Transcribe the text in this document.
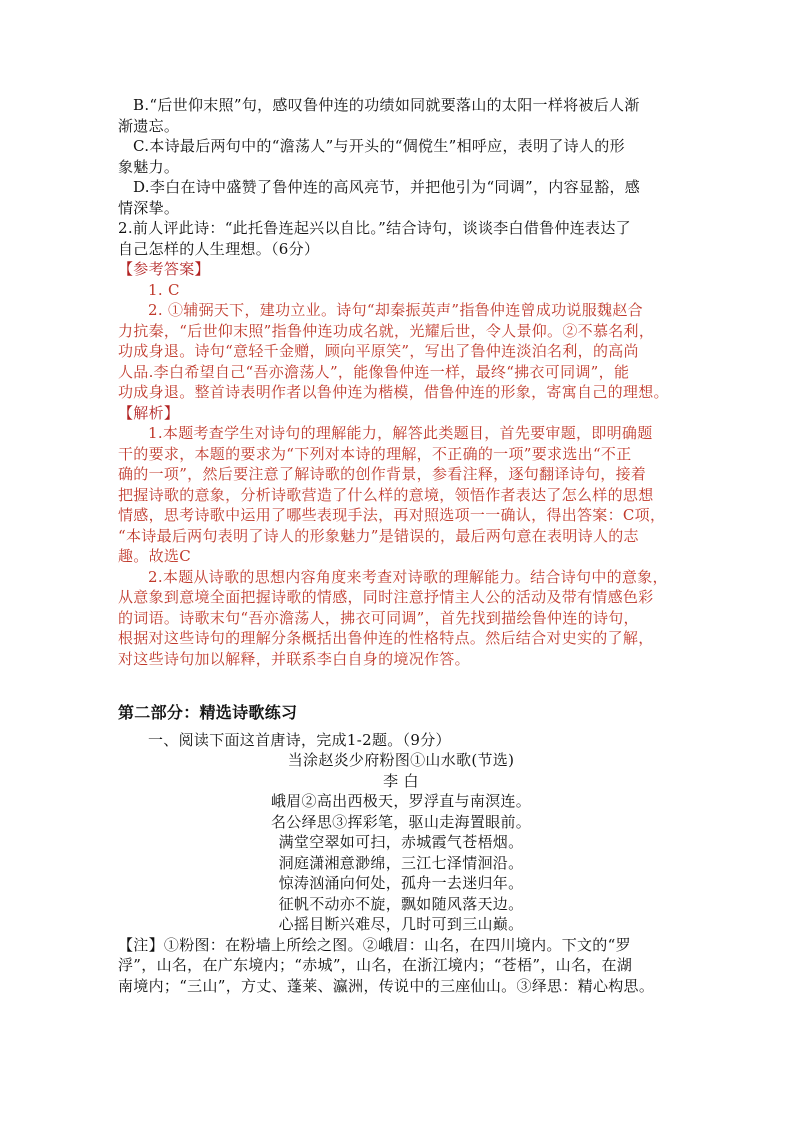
B.“后世仰末照”句，感叹鲁仲连的功绩如同就要落山的太阳一样将被后人渐

渐遗忘。

C.本诗最后两句中的“澹荡人”与开头的“倜傥生”相呼应，表明了诗人的形

象魅力。

D.李白在诗中盛赞了鲁仲连的高风亮节，并把他引为“同调”，内容显豁，感

情深挚。

2.前人评此诗：“此托鲁连起兴以自比。”结合诗句，谈谈李白借鲁仲连表达了

自己怎样的人生理想。（6分）

【参考答案】

1. C

2. ①辅弼天下，建功立业。诗句“却秦振英声”指鲁仲连曾成功说服魏赵合

力抗秦，“后世仰末照”指鲁仲连功成名就，光耀后世，令人景仰。②不慕名利，

功成身退。诗句“意轻千金赠，顾向平原笑”，写出了鲁仲连淡泊名利，的高尚

人品.李白希望自己“吾亦澹荡人”，能像鲁仲连一样，最终“拂衣可同调”，能

功成身退。整首诗表明作者以鲁仲连为楷模，借鲁仲连的形象，寄寓自己的理想。

【解析】

1.本题考查学生对诗句的理解能力，解答此类题目，首先要审题，即明确题

干的要求，本题的要求为“下列对本诗的理解，不正确的一项”要求选出“不正

确的一项”，然后要注意了解诗歌的创作背景，参看注释，逐句翻译诗句，接着

把握诗歌的意象，分析诗歌营造了什么样的意境，领悟作者表达了怎么样的思想

情感，思考诗歌中运用了哪些表现手法，再对照选项一一确认，得出答案：C项，

“本诗最后两句表明了诗人的形象魅力”是错误的，最后两句意在表明诗人的志

趣。故选C

2.本题从诗歌的思想内容角度来考查对诗歌的理解能力。结合诗句中的意象，

从意象到意境全面把握诗歌的情感，同时注意抒情主人公的活动及带有情感色彩

的词语。诗歌末句“吾亦澹荡人，拂衣可同调”，首先找到描绘鲁仲连的诗句，

根据对这些诗句的理解分条概括出鲁仲连的性格特点。然后结合对史实的了解，

对这些诗句加以解释，并联系李白自身的境况作答。

第二部分：精选诗歌练习

一、阅读下面这首唐诗，完成1-2题。（9分）

当涂赵炎少府粉图①山水歌(节选)

李 白

峨眉②高出西极天，罗浮直与南溟连。

名公绎思③挥彩笔，驱山走海置眼前。

满堂空翠如可扫，赤城霞气苍梧烟。

洞庭潇湘意渺绵，三江七泽情洄沿。

惊涛汹涌向何处，孤舟一去迷归年。

征帆不动亦不旋，飘如随风落天边。

心摇目断兴难尽，几时可到三山巅。

【注】①粉图：在粉墙上所绘之图。②峨眉：山名，在四川境内。下文的“罗

浮”，山名，在广东境内；“赤城”，山名，在浙江境内；“苍梧”，山名，在湖

南境内；“三山”，方丈、蓬莱、瀛洲，传说中的三座仙山。③绎思：精心构思。
